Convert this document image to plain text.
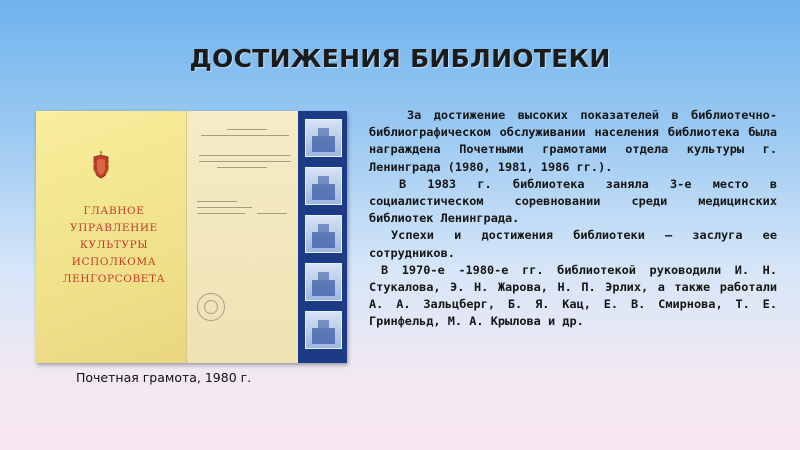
ДОСТИЖЕНИЯ БИБЛИОТЕКИ
ГЛАВНОЕ
УПРАВЛЕНИЕ КУЛЬТУРЫ
ИСПОЛКОМА
ЛЕНГОРСОВЕТА
Почетная грамота, 1980 г.

За достижение высоких показателей в библиотечно-библиографическом обслуживании населения библиотека была награждена Почетными грамотами отдела культуры г. Ленинграда (1980, 1981, 1986 гг.).

В 1983 г. библиотека заняла 3-е место в социалистическом соревновании среди медицинских библиотек Ленинграда.

Успехи и достижения библиотеки – заслуга ее сотрудников.

В 1970-е -1980-е гг. библиотекой руководили И. Н. Стукалова, Э. Н. Жарова, Н. П. Эрлих, а также работали А. А. Зальцберг, Б. Я. Кац, Е. В. Смирнова, Т. Е. Гринфельд, М. А. Крылова и др.
